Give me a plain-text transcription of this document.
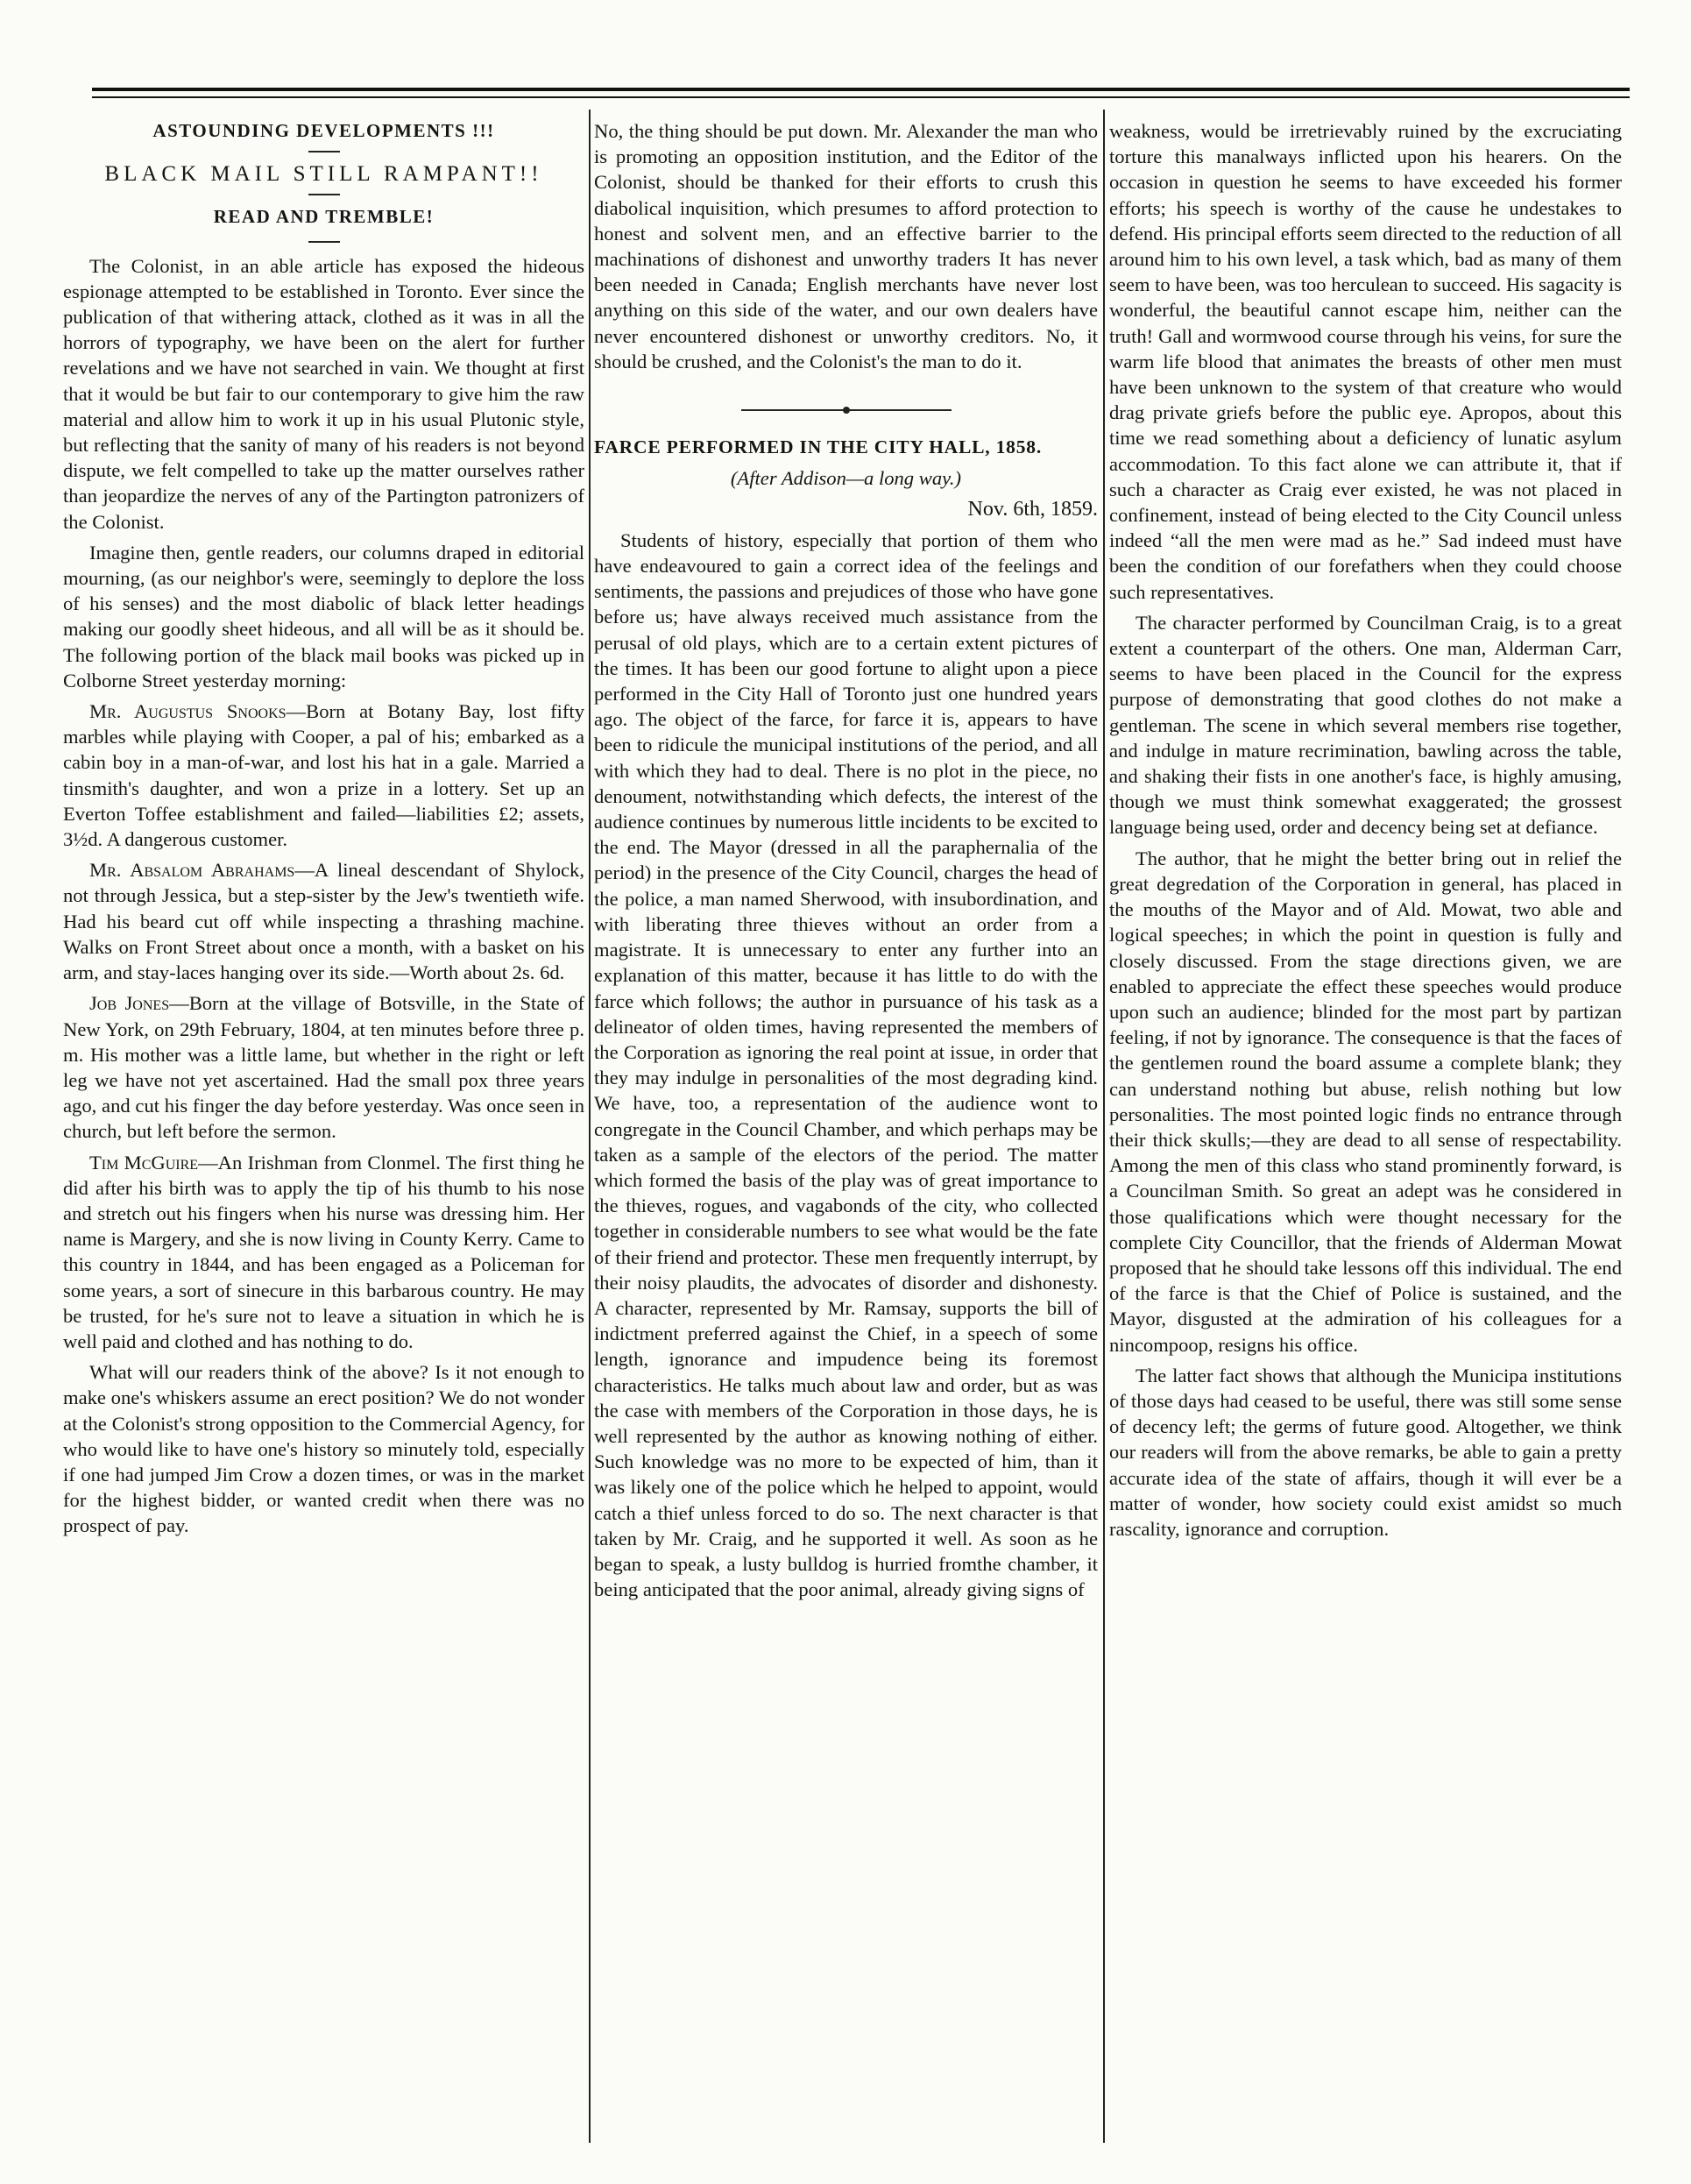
ASTOUNDING DEVELOPMENTS !!!

BLACK MAIL STILL RAMPANT!!

READ AND TREMBLE!

The Colonist, in an able article has exposed the hideous espionage attempted to be established in Toronto. Ever since the publication of that withering attack, clothed as it was in all the horrors of typography, we have been on the alert for further revelations and we have not searched in vain. We thought at first that it would be but fair to our contemporary to give him the raw material and allow him to work it up in his usual Plutonic style, but reflecting that the sanity of many of his readers is not beyond dispute, we felt compelled to take up the matter ourselves rather than jeopardize the nerves of any of the Partington patronizers of the Colonist.

Imagine then, gentle readers, our columns draped in editorial mourning, (as our neighbor's were, seemingly to deplore the loss of his senses) and the most diabolic of black letter headings making our goodly sheet hideous, and all will be as it should be. The following portion of the black mail books was picked up in Colborne Street yesterday morning:

Mr. Augustus Snooks—Born at Botany Bay, lost fifty marbles while playing with Cooper, a pal of his; embarked as a cabin boy in a man-of-war, and lost his hat in a gale. Married a tinsmith's daughter, and won a prize in a lottery. Set up an Everton Toffee establishment and failed—liabilities £2; assets, 3½d. A dangerous customer.

Mr. Absalom Abrahams—A lineal descendant of Shylock, not through Jessica, but a step-sister by the Jew's twentieth wife. Had his beard cut off while inspecting a thrashing machine. Walks on Front Street about once a month, with a basket on his arm, and stay-laces hanging over its side.—Worth about 2s. 6d.

Job Jones—Born at the village of Botsville, in the State of New York, on 29th February, 1804, at ten minutes before three p. m. His mother was a little lame, but whether in the right or left leg we have not yet ascertained. Had the small pox three years ago, and cut his finger the day before yesterday. Was once seen in church, but left before the sermon.

Tim McGuire—An Irishman from Clonmel. The first thing he did after his birth was to apply the tip of his thumb to his nose and stretch out his fingers when his nurse was dressing him. Her name is Margery, and she is now living in County Kerry. Came to this country in 1844, and has been engaged as a Policeman for some years, a sort of sinecure in this barbarous country. He may be trusted, for he's sure not to leave a situation in which he is well paid and clothed and has nothing to do.

What will our readers think of the above? Is it not enough to make one's whiskers assume an erect position? We do not wonder at the Colonist's strong opposition to the Commercial Agency, for who would like to have one's history so minutely told, especially if one had jumped Jim Crow a dozen times, or was in the market for the highest bidder, or wanted credit when there was no prospect of pay.

No, the thing should be put down. Mr. Alexander the man who is promoting an opposition institution, and the Editor of the Colonist, should be thanked for their efforts to crush this diabolical inquisition, which presumes to afford protection to honest and solvent men, and an effective barrier to the machinations of dishonest and unworthy traders It has never been needed in Canada; English merchants have never lost anything on this side of the water, and our own dealers have never encountered dishonest or unworthy creditors. No, it should be crushed, and the Colonist's the man to do it.

FARCE PERFORMED IN THE CITY HALL, 1858.

(After Addison—a long way.)

Nov. 6th, 1859.

Students of history, especially that portion of them who have endeavoured to gain a correct idea of the feelings and sentiments, the passions and prejudices of those who have gone before us; have always received much assistance from the perusal of old plays, which are to a certain extent pictures of the times. It has been our good fortune to alight upon a piece performed in the City Hall of Toronto just one hundred years ago. The object of the farce, for farce it is, appears to have been to ridicule the municipal institutions of the period, and all with which they had to deal. There is no plot in the piece, no denoument, notwithstanding which defects, the interest of the audience continues by numerous little incidents to be excited to the end. The Mayor (dressed in all the paraphernalia of the period) in the presence of the City Council, charges the head of the police, a man named Sherwood, with insubordination, and with liberating three thieves without an order from a magistrate. It is unnecessary to enter any further into an explanation of this matter, because it has little to do with the farce which follows; the author in pursuance of his task as a delineator of olden times, having represented the members of the Corporation as ignoring the real point at issue, in order that they may indulge in personalities of the most degrading kind. We have, too, a representation of the audience wont to congregate in the Council Chamber, and which perhaps may be taken as a sample of the electors of the period. The matter which formed the basis of the play was of great importance to the thieves, rogues, and vagabonds of the city, who collected together in considerable numbers to see what would be the fate of their friend and protector. These men frequently interrupt, by their noisy plaudits, the advocates of disorder and dishonesty. A character, represented by Mr. Ramsay, supports the bill of indictment preferred against the Chief, in a speech of some length, ignorance and impudence being its foremost characteristics. He talks much about law and order, but as was the case with members of the Corporation in those days, he is well represented by the author as knowing nothing of either. Such knowledge was no more to be expected of him, than it was likely one of the police which he helped to appoint, would catch a thief unless forced to do so. The next character is that taken by Mr. Craig, and he supported it well. As soon as he began to speak, a lusty bulldog is hurried fromthe chamber, it being anticipated that the poor animal, already giving signs of

weakness, would be irretrievably ruined by the excruciating torture this manalways inflicted upon his hearers. On the occasion in question he seems to have exceeded his former efforts; his speech is worthy of the cause he undestakes to defend. His principal efforts seem directed to the reduction of all around him to his own level, a task which, bad as many of them seem to have been, was too herculean to succeed. His sagacity is wonderful, the beautiful cannot escape him, neither can the truth! Gall and wormwood course through his veins, for sure the warm life blood that animates the breasts of other men must have been unknown to the system of that creature who would drag private griefs before the public eye. Apropos, about this time we read something about a deficiency of lunatic asylum accommodation. To this fact alone we can attribute it, that if such a character as Craig ever existed, he was not placed in confinement, instead of being elected to the City Council unless indeed “all the men were mad as he.” Sad indeed must have been the condition of our forefathers when they could choose such representatives.

The character performed by Councilman Craig, is to a great extent a counterpart of the others. One man, Alderman Carr, seems to have been placed in the Council for the express purpose of demonstrating that good clothes do not make a gentleman. The scene in which several members rise together, and indulge in mature recrimination, bawling across the table, and shaking their fists in one another's face, is highly amusing, though we must think somewhat exaggerated; the grossest language being used, order and decency being set at defiance.

The author, that he might the better bring out in relief the great degredation of the Corporation in general, has placed in the mouths of the Mayor and of Ald. Mowat, two able and logical speeches; in which the point in question is fully and closely discussed. From the stage directions given, we are enabled to appreciate the effect these speeches would produce upon such an audience; blinded for the most part by partizan feeling, if not by ignorance. The consequence is that the faces of the gentlemen round the board assume a complete blank; they can understand nothing but abuse, relish nothing but low personalities. The most pointed logic finds no entrance through their thick skulls;—they are dead to all sense of respectability. Among the men of this class who stand prominently forward, is a Councilman Smith. So great an adept was he considered in those qualifications which were thought necessary for the complete City Councillor, that the friends of Alderman Mowat proposed that he should take lessons off this individual. The end of the farce is that the Chief of Police is sustained, and the Mayor, disgusted at the admiration of his colleagues for a nincompoop, resigns his office.

The latter fact shows that although the Municipa institutions of those days had ceased to be useful, there was still some sense of decency left; the germs of future good. Altogether, we think our readers will from the above remarks, be able to gain a pretty accurate idea of the state of affairs, though it will ever be a matter of wonder, how society could exist amidst so much rascality, ignorance and corruption.
